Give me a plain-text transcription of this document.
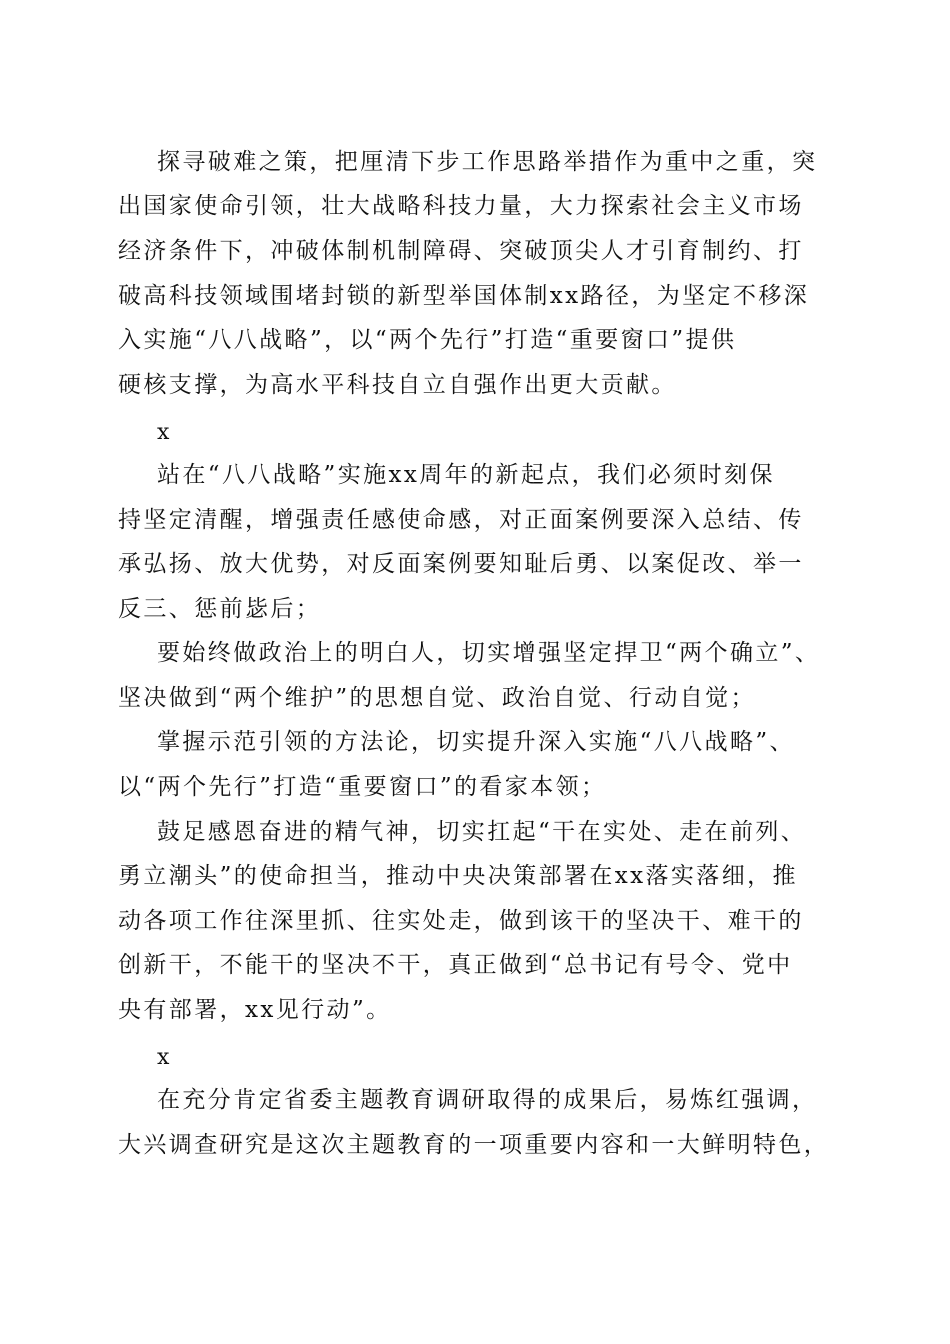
探寻破难之策，把厘清下步工作思路举措作为重中之重，突
出国家使命引领，壮大战略科技力量，大力探索社会主义市场
经济条件下，冲破体制机制障碍、突破顶尖人才引育制约、打
破高科技领域围堵封锁的新型举国体制xx路径，为坚定不移深
入实施“八八战略”，以“两个先行”打造“重要窗口”提供
硬核支撑，为高水平科技自立自强作出更大贡献。
x
站在“八八战略”实施xx周年的新起点，我们必须时刻保
持坚定清醒，增强责任感使命感，对正面案例要深入总结、传
承弘扬、放大优势，对反面案例要知耻后勇、以案促改、举一
反三、惩前毖后；
要始终做政治上的明白人，切实增强坚定捍卫“两个确立”、
坚决做到“两个维护”的思想自觉、政治自觉、行动自觉；
掌握示范引领的方法论，切实提升深入实施“八八战略”、
以“两个先行”打造“重要窗口”的看家本领；
鼓足感恩奋进的精气神，切实扛起“干在实处、走在前列、
勇立潮头”的使命担当，推动中央决策部署在xx落实落细，推
动各项工作往深里抓、往实处走，做到该干的坚决干、难干的
创新干，不能干的坚决不干，真正做到“总书记有号令、党中
央有部署，xx见行动”。
x
在充分肯定省委主题教育调研取得的成果后，易炼红强调，
大兴调查研究是这次主题教育的一项重要内容和一大鲜明特色，
